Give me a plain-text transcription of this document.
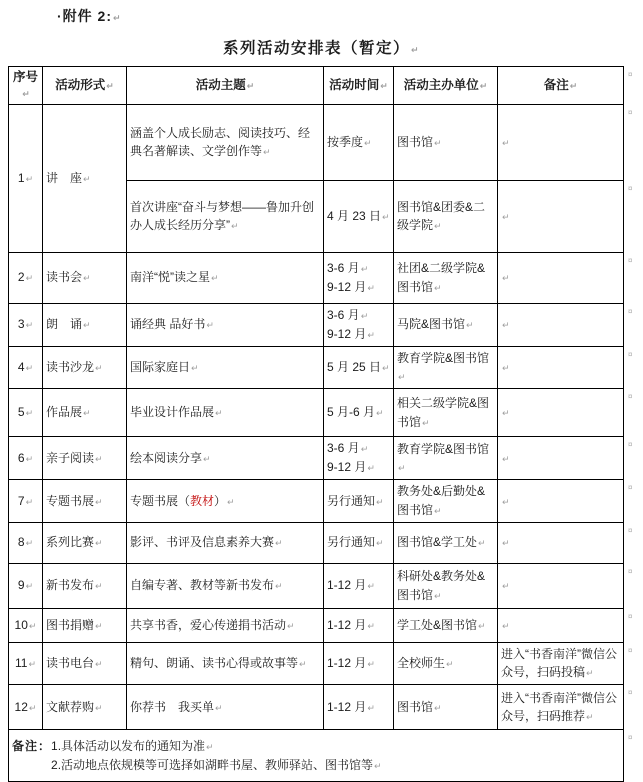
·附件 2:↵
系列活动安排表（暂定）↵
序号↵	活动形式↵	活动主题↵	活动时间↵	活动主办单位↵	备注↵
1↵	讲　座↵	涵盖个人成长励志、阅读技巧、经典名著解读、文学创作等↵	按季度↵	图书馆↵	↵
		首次讲座“奋斗与梦想——鲁加升创办人成长经历分享”↵	4 月 23 日↵	图书馆&团委&二级学院↵	↵
2↵	读书会↵	南洋“悦”读之星↵	3-6 月↵
9-12 月↵	社团&二级学院&图书馆↵	↵
3↵	朗　诵↵	诵经典 品好书↵	3-6 月↵
9-12 月↵	马院&图书馆↵	↵
4↵	读书沙龙↵	国际家庭日↵	5 月 25 日↵	教育学院&图书馆↵	↵
5↵	作品展↵	毕业设计作品展↵	5 月-6 月↵	相关二级学院&图书馆↵	↵
6↵	亲子阅读↵	绘本阅读分享↵	3-6 月↵
9-12 月↵	教育学院&图书馆↵	↵
7↵	专题书展↵	专题书展（教材）↵	另行通知↵	教务处&后勤处&图书馆↵	↵
8↵	系列比赛↵	影评、书评及信息素养大赛↵	另行通知↵	图书馆&学工处↵	↵
9↵	新书发布↵	自编专著、教材等新书发布↵	1-12 月↵	科研处&教务处&图书馆↵	↵
10↵	图书捐赠↵	共享书香，爱心传递捐书活动↵	1-12 月↵	学工处&图书馆↵	↵
11↵	读书电台↵	精句、朗诵、读书心得或故事等↵	1-12 月↵	全校师生↵	进入“书香南洋”微信公众号，扫码投稿↵
12↵	文献荐购↵	你荐书　我买单↵	1-12 月↵	图书馆↵	进入“书香南洋”微信公众号，扫码推荐↵

备注： 1.具体活动以发布的通知为准↵
2.活动地点依规模等可选择如湖畔书屋、教师驿站、图书馆等↵					
¤
¤
¤
¤
¤
¤
¤
¤
¤
¤
¤
¤
¤
¤
¤
